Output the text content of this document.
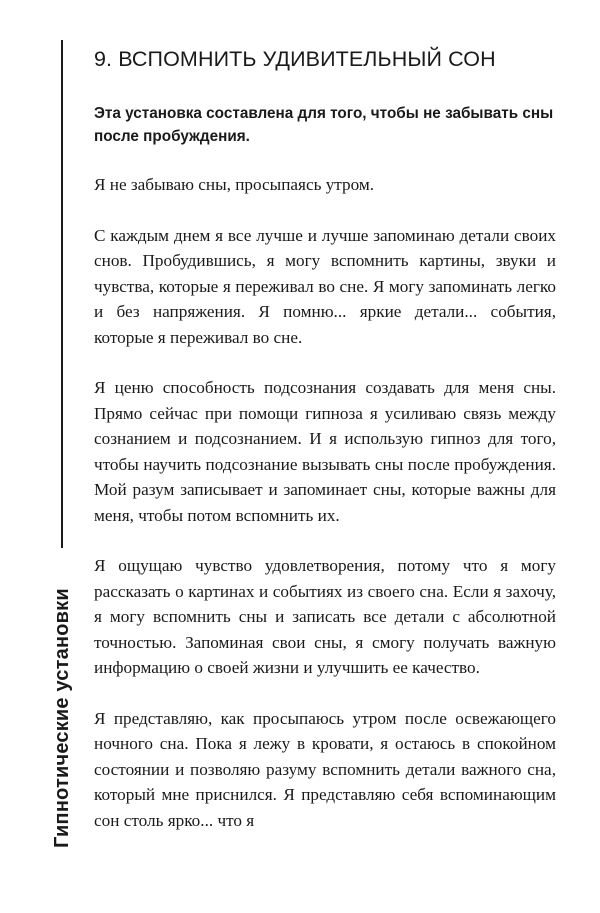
Гипнотические установки
9. ВСПОМНИТЬ УДИВИТЕЛЬНЫЙ СОН

Эта установка составлена для того, чтобы не забывать сны после пробуждения.

Я не забываю сны, просыпаясь утром.

С каждым днем я все лучше и лучше запоминаю детали своих снов. Пробудившись, я могу вспомнить картины, звуки и чувства, которые я переживал во сне. Я могу запоминать легко и без напряжения. Я помню... яркие детали... события, которые я переживал во сне.

Я ценю способность подсознания создавать для меня сны. Прямо сейчас при помощи гипноза я усиливаю связь между сознанием и подсознанием. И я использую гипноз для того, чтобы научить подсознание вызывать сны после пробуждения. Мой разум записывает и запоминает сны, которые важны для меня, чтобы потом вспомнить их.

Я ощущаю чувство удовлетворения, потому что я могу рассказать о картинах и событиях из своего сна. Если я захочу, я могу вспомнить сны и записать все детали с абсолютной точностью. Запоминая свои сны, я смогу получать важную информацию о своей жизни и улучшить ее качество.

Я представляю, как просыпаюсь утром после освежающего ночного сна. Пока я лежу в кровати, я остаюсь в спокойном состоянии и позволяю разуму вспомнить детали важного сна, который мне приснился. Я представляю себя вспоминающим сон столь ярко... что я
